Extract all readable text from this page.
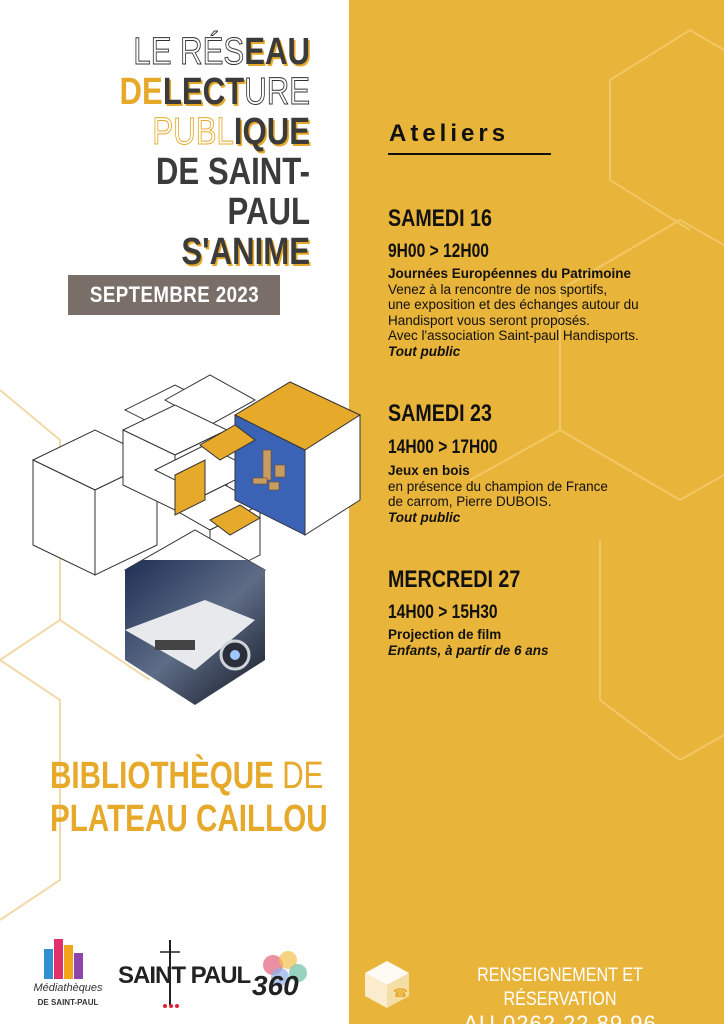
LE RÉSEAU
DELECTURE
PUBLIQUE
DE SAINT-PAUL
S'ANIME
SEPTEMBRE 2023
Ateliers
SAMEDI 16
9H00 > 12H00
Journées Européennes du Patrimoine
Venez à la rencontre de nos sportifs,
une exposition et des échanges autour du
Handisport vous seront proposés.
Avec l'association Saint-paul Handisports.
Tout public
SAMEDI 23
14H00 > 17H00
Jeux en bois
en présence du champion de France
de carrom, Pierre DUBOIS.
Tout public
MERCREDI 27
14H00 > 15H30
Projection de film
Enfants, à partir de 6 ans
BIBLIOTHÈQUE DE
PLATEAU CAILLOU
Médiathèques
DE SAINT-PAUL
SAINT PAUL 360	☎
RENSEIGNEMENT ET RÉSERVATION
AU 0262 22 89 96
